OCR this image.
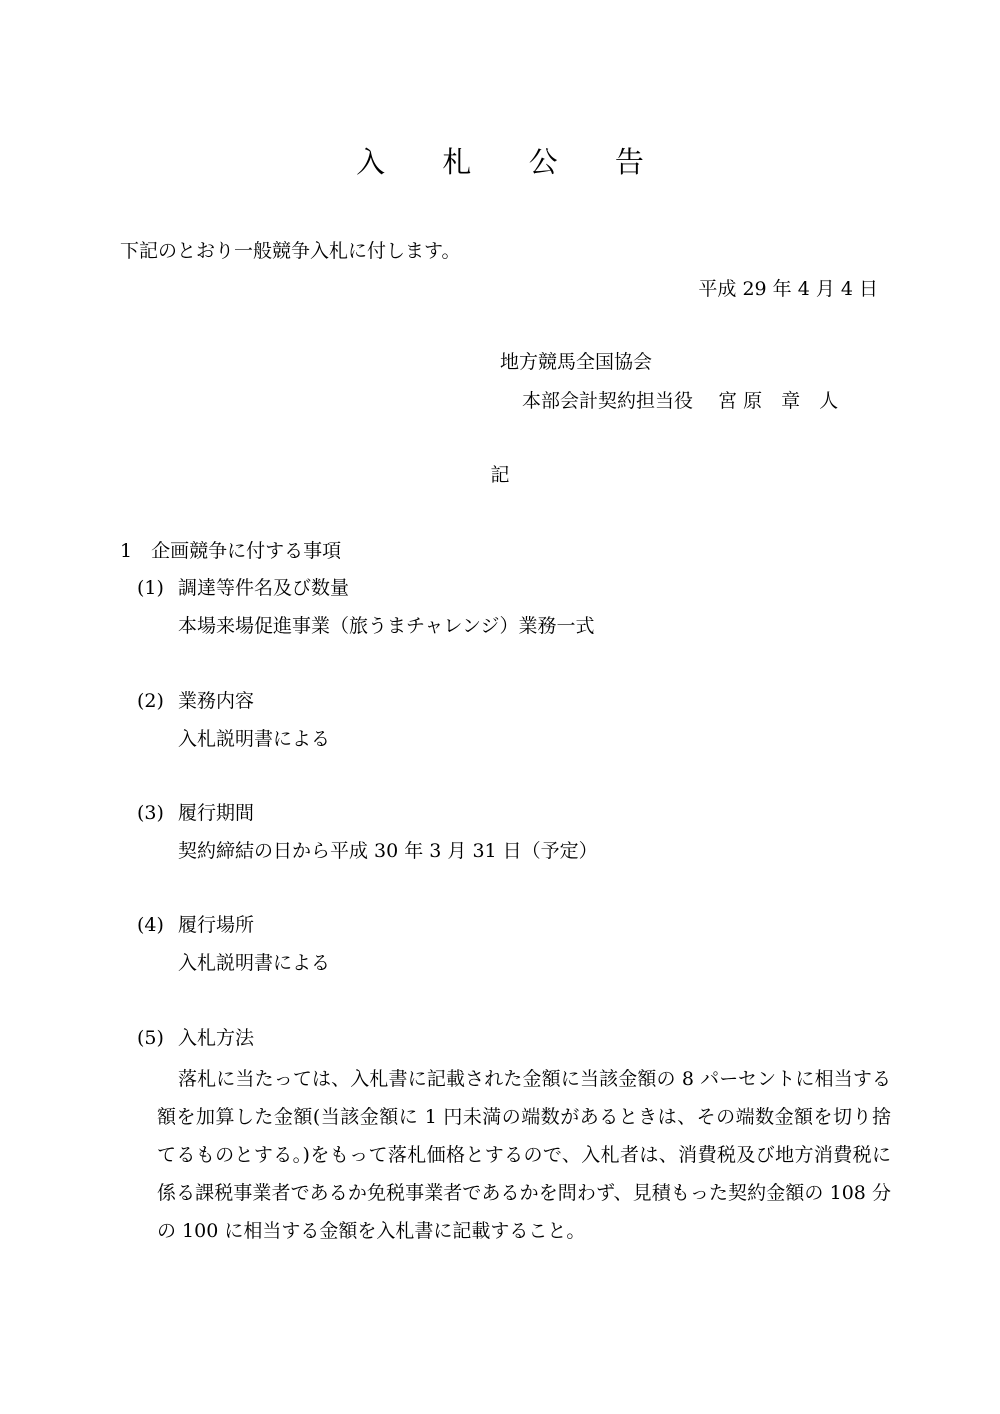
入 札 公 告
下記のとおり一般競争入札に付します。
平成 29 年 4 月 4 日
地方競馬全国協会
本部会計契約担当役　 宮 原　章　人
記
1　企画競争に付する事項
(1) 調達等件名及び数量
本場来場促進事業（旅うまチャレンジ）業務一式
(2) 業務内容
入札説明書による
(3) 履行期間
契約締結の日から平成 30 年 3 月 31 日（予定）
(4) 履行場所
入札説明書による
(5) 入札方法
落札に当たっては、入札書に記載された金額に当該金額の 8 パーセントに相当する額を加算した金額(当該金額に 1 円未満の端数があるときは、その端数金額を切り捨てるものとする。)をもって落札価格とするので、入札者は、消費税及び地方消費税に係る課税事業者であるか免税事業者であるかを問わず、見積もった契約金額の 108 分の 100 に相当する金額を入札書に記載すること。
